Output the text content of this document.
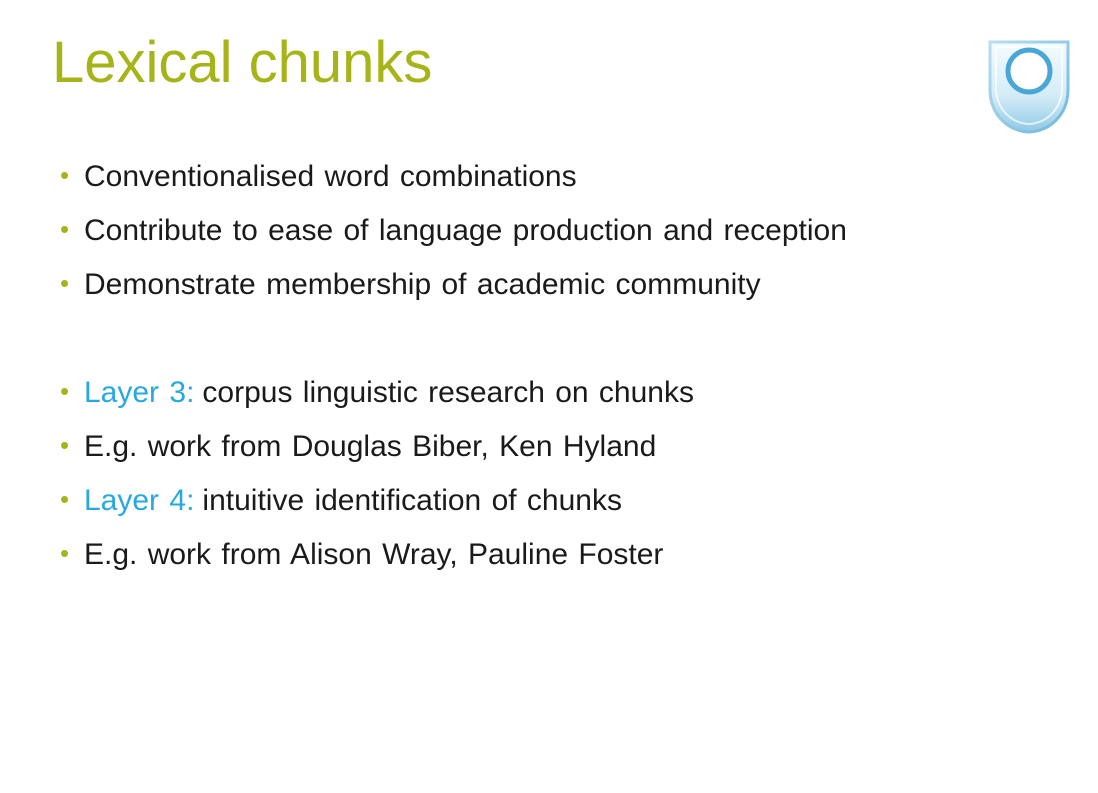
Lexical chunks
• Conventionalised word combinations
• Contribute to ease of language production and reception
• Demonstrate membership of academic community
• Layer 3: corpus linguistic research on chunks
• E.g. work from Douglas Biber, Ken Hyland
• Layer 4: intuitive identification of chunks
• E.g. work from Alison Wray, Pauline Foster
